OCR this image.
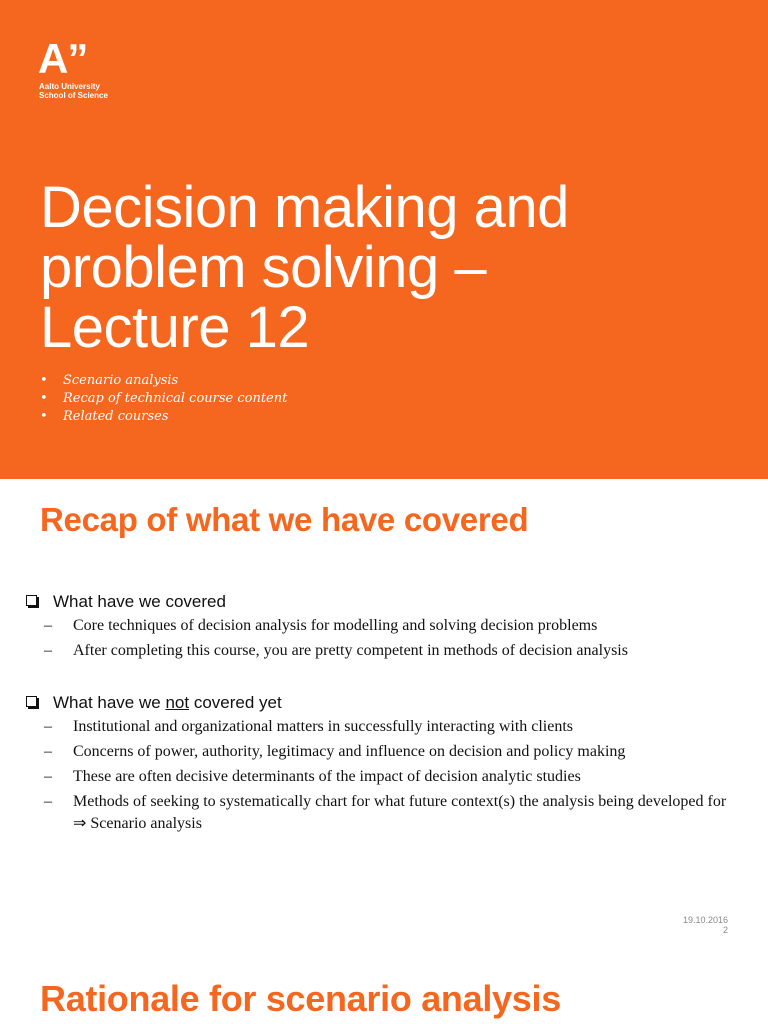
A”
Aalto University
School of Science
Decision making and
problem solving –
Lecture 12
• Scenario analysis
• Recap of technical course content
• Related courses
Recap of what we have covered
What have we covered
– Core techniques of decision analysis for modelling and solving decision problems
– After completing this course, you are pretty competent in methods of decision analysis
What have we not covered yet
– Institutional and organizational matters in successfully interacting with clients
– Concerns of power, authority, legitimacy and influence on decision and policy making
– These are often decisive determinants of the impact of decision analytic studies
– Methods of seeking to systematically chart for what future context(s) the analysis being developed for ⇒ Scenario analysis
19.10.2016
2
Rationale for scenario analysis
